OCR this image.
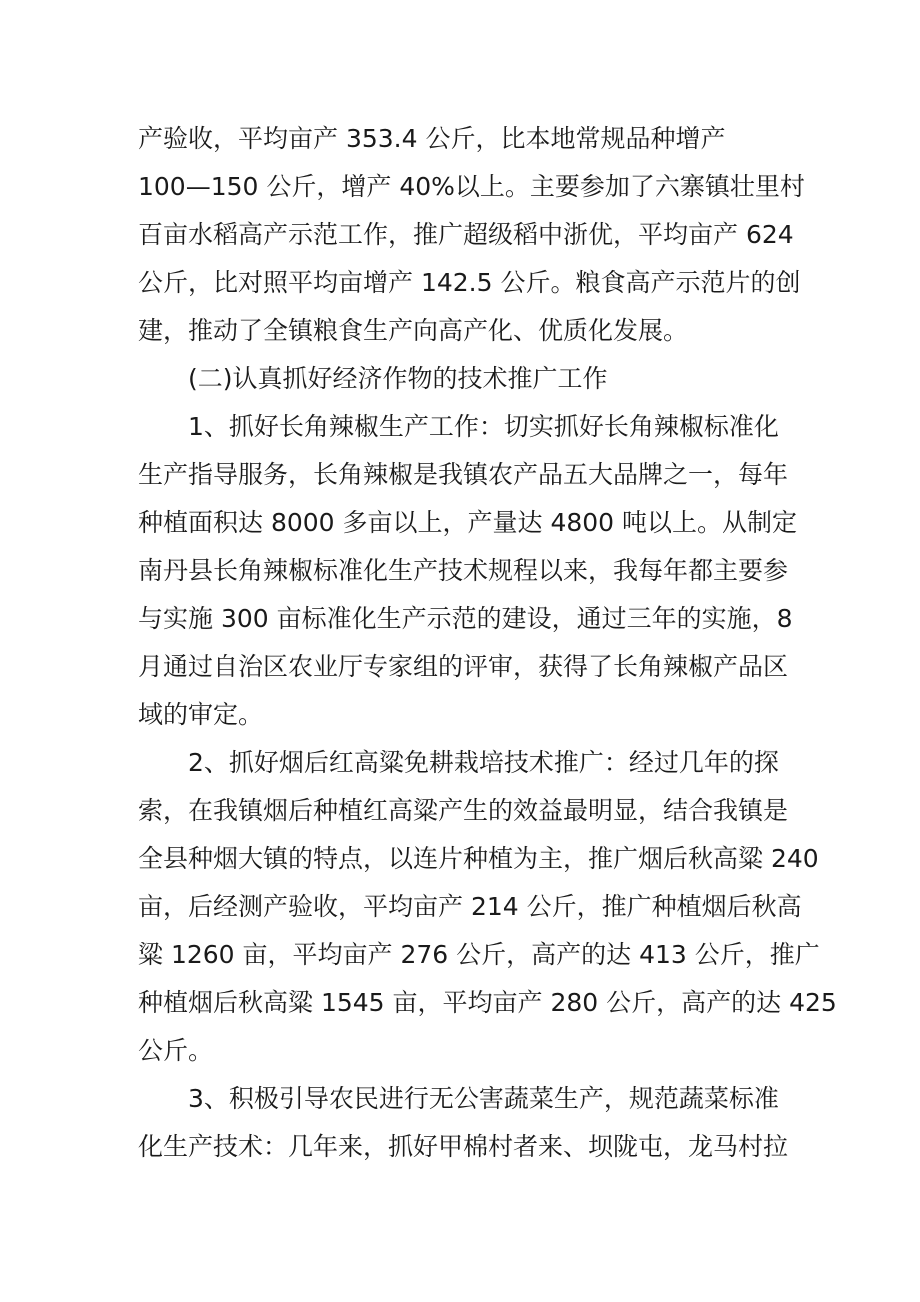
产验收，平均亩产 353.4 公斤，比本地常规品种增产
100—150 公斤，增产 40%以上。主要参加了六寨镇壮里村
百亩水稻高产示范工作，推广超级稻中浙优，平均亩产 624
公斤，比对照平均亩增产 142.5 公斤。粮食高产示范片的创
建，推动了全镇粮食生产向高产化、优质化发展。
(二)认真抓好经济作物的技术推广工作
1、抓好长角辣椒生产工作：切实抓好长角辣椒标准化
生产指导服务，长角辣椒是我镇农产品五大品牌之一，每年
种植面积达 8000 多亩以上，产量达 4800 吨以上。从制定
南丹县长角辣椒标准化生产技术规程以来，我每年都主要参
与实施 300 亩标准化生产示范的建设，通过三年的实施，8
月通过自治区农业厅专家组的评审，获得了长角辣椒产品区
域的审定。
2、抓好烟后红高粱免耕栽培技术推广：经过几年的探
索，在我镇烟后种植红高粱产生的效益最明显，结合我镇是
全县种烟大镇的特点，以连片种植为主，推广烟后秋高粱 240
亩，后经测产验收，平均亩产 214 公斤，推广种植烟后秋高
粱 1260 亩，平均亩产 276 公斤，高产的达 413 公斤，推广
种植烟后秋高粱 1545 亩，平均亩产 280 公斤，高产的达 425
公斤。
3、积极引导农民进行无公害蔬菜生产，规范蔬菜标准
化生产技术：几年来，抓好甲棉村者来、坝陇屯，龙马村拉
